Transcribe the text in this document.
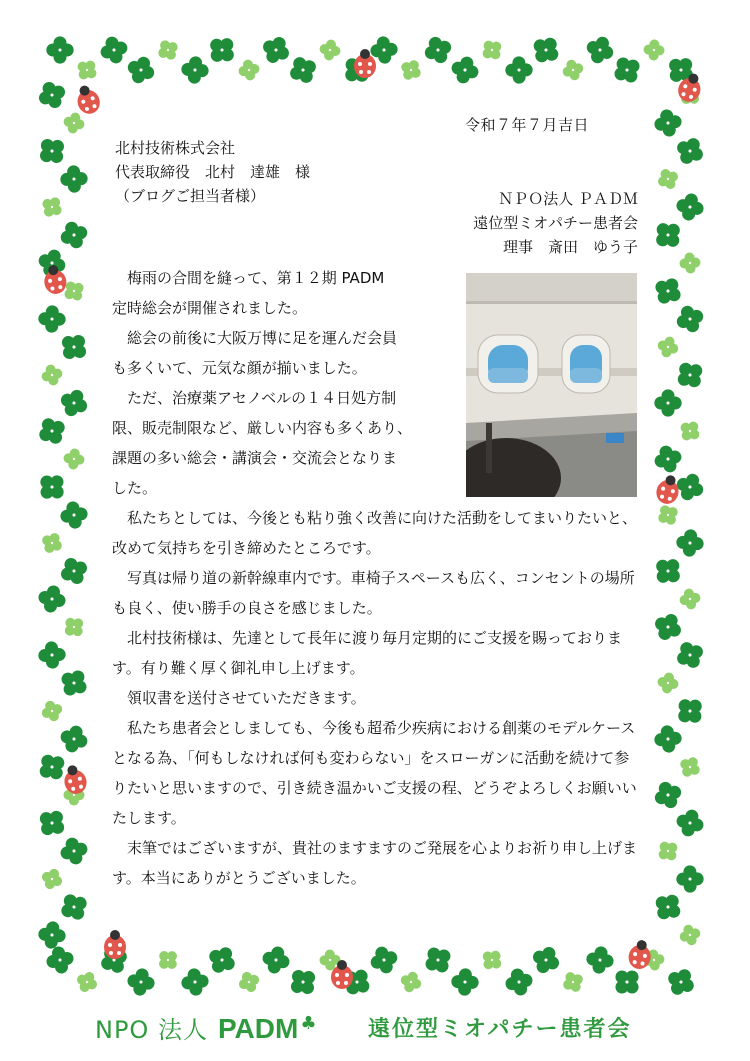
令和７年７月吉日
北村技術株式会社
代表取締役　北村　達雄　様
（ブログご担当者様）	ＮＰＯ法人 ＰＡＤＭ
遠位型ミオパチー患者会
理事　斎田　ゆう子

梅雨の合間を縫って、第１２期 PADM
定時総会が開催されました。

総会の前後に大阪万博に足を運んだ会員
も多くいて、元気な顔が揃いました。

ただ、治療薬アセノベルの１４日処方制
限、販売制限など、厳しい内容も多くあり、
課題の多い総会・講演会・交流会となりま
した。

私たちとしては、今後とも粘り強く改善に向けた活動をしてまいりたいと、改めて気持ちを引き締めたところです。

写真は帰り道の新幹線車内です。車椅子スペースも広く、コンセントの場所も良く、使い勝手の良さを感じました。

北村技術様は、先達として長年に渡り毎月定期的にご支援を賜っております。有り難く厚く御礼申し上げます。

領収書を送付させていただきます。

私たち患者会としましても、今後も超希少疾病における創薬のモデルケースとなる為、「何もしなければ何も変わらない」をスローガンに活動を続けて参りたいと思いますので、引き続き温かいご支援の程、どうぞよろしくお願いいたします。

末筆ではございますが、貴社のますますのご発展を心よりお祈り申し上げます。本当にありがとうございました。

NPO 法人 PADM ♣ 遠位型ミオパチー患者会
